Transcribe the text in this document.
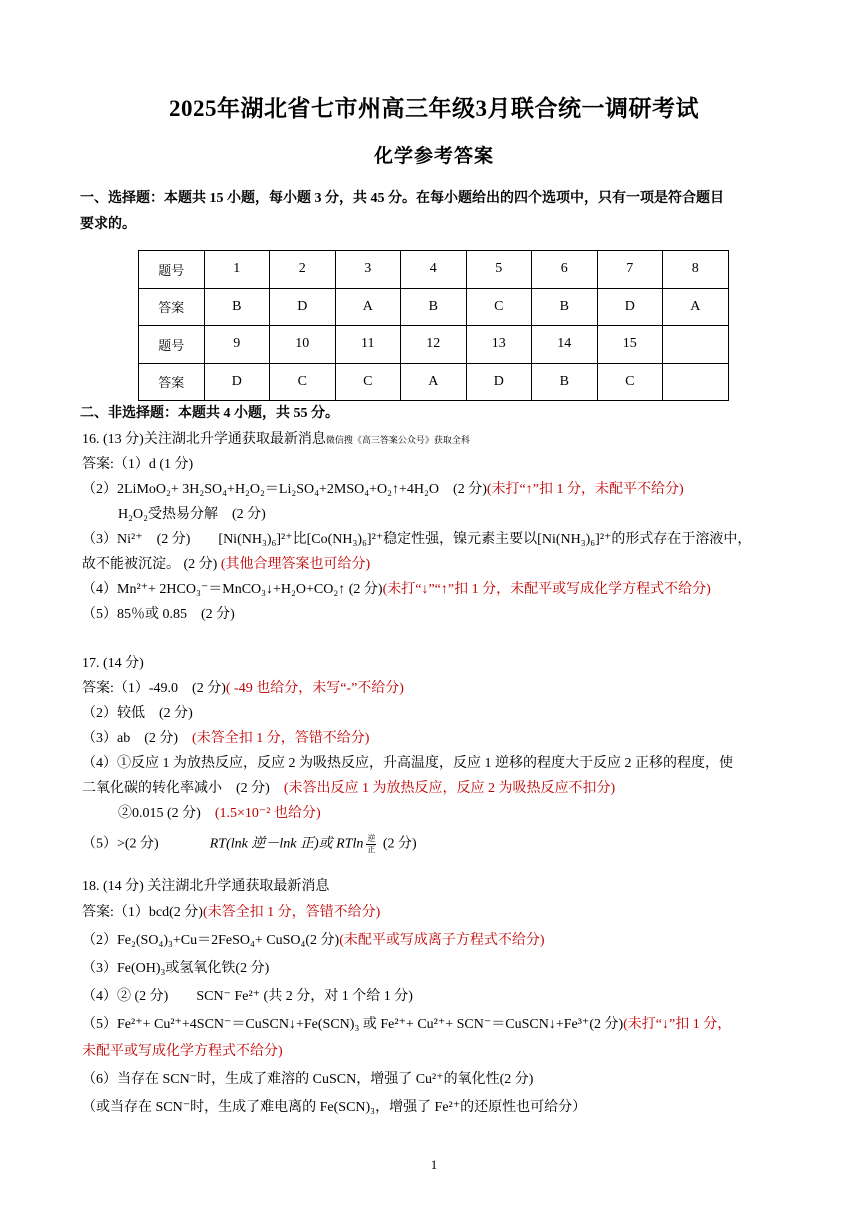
2025年湖北省七市州高三年级3月联合统一调研考试
化学参考答案
一、选择题：本题共 15 小题，每小题 3 分，共 45 分。在每小题给出的四个选项中，只有一项是符合题目
要求的。
题号	1	2	3	4	5	6	7	8
答案	B	D	A	B	C	B	D	A
题号	9	10	11	12	13	14	15	
答案	D	C	C	A	D	B	C	
二、非选择题：本题共 4 小题，共 55 分。
16. (13 分)关注湖北升学通获取最新消息微信搜《高三答案公众号》获取全科
答案:（1）d (1 分)
（2）2LiMoO₂+ 3H₂SO₄+H₂O₂＝Li₂SO₄+2MSO₄+O₂↑+4H₂O　(2 分)(未打“↑”扣 1 分，未配平不给分)
H₂O₂受热易分解　(2 分)
（3）Ni²⁺　(2 分)　　[Ni(NH₃)₆]²⁺比[Co(NH₃)₆]²⁺稳定性强，镍元素主要以[Ni(NH₃)₆]²⁺的形式存在于溶液中，
故不能被沉淀。 (2 分) (其他合理答案也可给分)
（4）Mn²⁺+ 2HCO₃⁻＝MnCO₃↓+H₂O+CO₂↑ (2 分)(未打“↓”“↑”扣 1 分，未配平或写成化学方程式不给分)
（5）85％或 0.85　(2 分)
17. (14 分)
答案:（1）-49.0　(2 分)( -49 也给分，未写“-”不给分)
（2）较低　(2 分)
（3）ab　(2 分)　(未答全扣 1 分，答错不给分)
（4）①反应 1 为放热反应，反应 2 为吸热反应，升高温度，反应 1 逆移的程度大于反应 2 正移的程度，使
二氧化碳的转化率减小　(2 分)　(未答出反应 1 为放热反应，反应 2 为吸热反应不扣分)
②0.015 (2 分)　(1.5×10⁻² 也给分)
（5）>(2 分)	RT(lnk 逆－lnk 正)或 RTln $\frac{\text{逆}}{\text{正}} (2$ 分)
18. (14 分) 关注湖北升学通获取最新消息
答案:（1）bcd(2 分)(未答全扣 1 分，答错不给分)
（2）Fe₂(SO₄)₃+Cu＝2FeSO₄+ CuSO₄(2 分)(未配平或写成离子方程式不给分)
（3）Fe(OH)₃或氢氧化铁(2 分)
（4）② (2 分)　　SCN⁻ Fe²⁺ (共 2 分，对 1 个给 1 分)
（5）Fe²⁺+ Cu²⁺+4SCN⁻＝CuSCN↓+Fe(SCN)₃ 或 Fe²⁺+ Cu²⁺+ SCN⁻＝CuSCN↓+Fe³⁺(2 分)(未打“↓”扣 1 分，
未配平或写成化学方程式不给分)
（6）当存在 SCN⁻时，生成了难溶的 CuSCN，增强了 Cu²⁺的氧化性(2 分)
（或当存在 SCN⁻时，生成了难电离的 Fe(SCN)₃，增强了 Fe²⁺的还原性也可给分）
1
